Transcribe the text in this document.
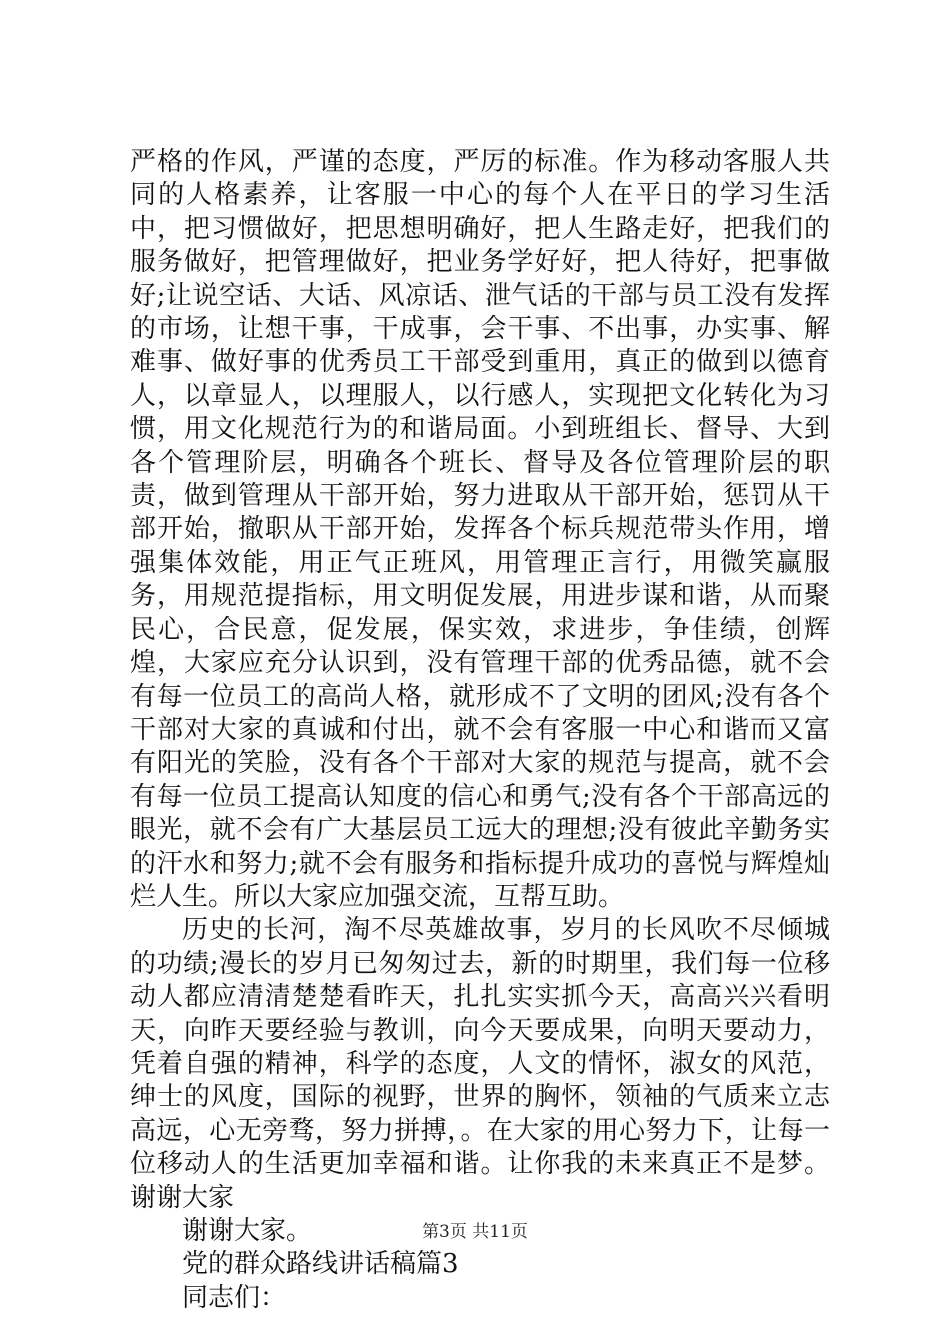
严格的作风，严谨的态度，严厉的标准。作为移动客服人共同的人格素养，让客服一中心的每个人在平日的学习生活中，把习惯做好，把思想明确好，把人生路走好，把我们的服务做好，把管理做好，把业务学好好，把人待好，把事做好;让说空话、大话、风凉话、泄气话的干部与员工没有发挥的市场，让想干事，干成事，会干事、不出事，办实事、解难事、做好事的优秀员工干部受到重用，真正的做到以德育人，以章显人，以理服人，以行感人，实现把文化转化为习惯，用文化规范行为的和谐局面。小到班组长、督导、大到各个管理阶层，明确各个班长、督导及各位管理阶层的职责，做到管理从干部开始，努力进取从干部开始，惩罚从干部开始，撤职从干部开始，发挥各个标兵规范带头作用，增强集体效能，用正气正班风，用管理正言行，用微笑赢服务，用规范提指标，用文明促发展，用进步谋和谐，从而聚民心，合民意，促发展，保实效，求进步，争佳绩，创辉煌，大家应充分认识到，没有管理干部的优秀品德，就不会有每一位员工的高尚人格，就形成不了文明的团风;没有各个干部对大家的真诚和付出，就不会有客服一中心和谐而又富有阳光的笑脸，没有各个干部对大家的规范与提高，就不会有每一位员工提高认知度的信心和勇气;没有各个干部高远的眼光，就不会有广大基层员工远大的理想;没有彼此辛勤务实的汗水和努力;就不会有服务和指标提升成功的喜悦与辉煌灿烂人生。所以大家应加强交流，互帮互助。

历史的长河，淘不尽英雄故事，岁月的长风吹不尽倾城的功绩;漫长的岁月已匆匆过去，新的时期里，我们每一位移动人都应清清楚楚看昨天，扎扎实实抓今天，高高兴兴看明天，向昨天要经验与教训，向今天要成果，向明天要动力，凭着自强的精神，科学的态度，人文的情怀，淑女的风范，绅士的风度，国际的视野，世界的胸怀，领袖的气质来立志高远，心无旁骛，努力拼搏，。在大家的用心努力下，让每一位移动人的生活更加幸福和谐。让你我的未来真正不是梦。谢谢大家

谢谢大家。

党的群众路线讲话稿篇3

同志们：

第3页 共11页
